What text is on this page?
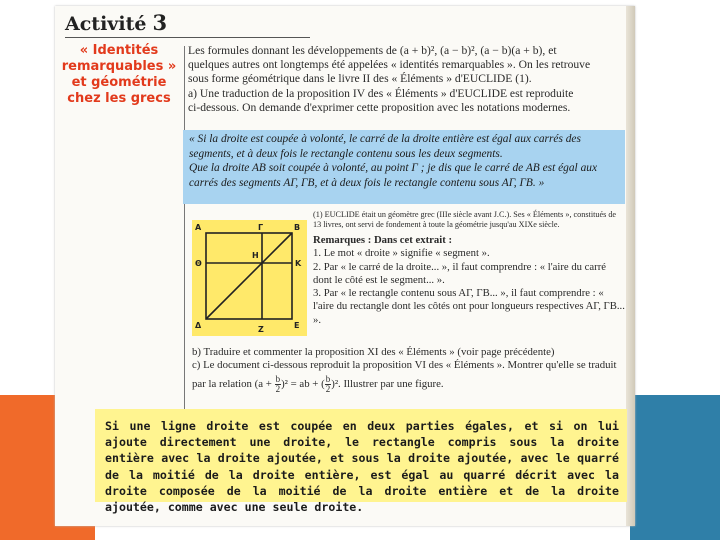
Activité 3
« Identités
remarquables »
et géométrie
chez les grecs

Les formules donnant les développements de (a + b)², (a − b)², (a − b)(a + b), et

quelques autres ont longtemps été appelées « identités remarquables ». On les retrouve

sous forme géométrique dans le livre II des « Éléments » d'EUCLIDE (1).

a) Une traduction de la proposition IV des « Éléments » d'EUCLIDE est reproduite

ci-dessous. On demande d'exprimer cette proposition avec les notations modernes.

« Si la droite est coupée à volonté, le carré de la droite entière est égal aux carrés des

segments, et à deux fois le rectangle contenu sous les deux segments.

Que la droite AB soit coupée à volonté, au point Γ ; je dis que le carré de AB est égal aux

carrés des segments AΓ, ΓB, et à deux fois le rectangle contenu sous AΓ, ΓB. »

A	Γ	B
H
Θ	K
Δ	Z	E

(1) EUCLIDE était un géomètre grec (IIIe siècle avant J.C.). Ses « Éléments », constitués de 13 livres, ont servi de fondement à toute la géométrie jusqu'au XIXe siècle.

Remarques : Dans cet extrait :

1. Le mot « droite » signifie « segment ».

2. Par « le carré de la droite... », il faut comprendre : « l'aire du carré dont le côté est le segment... ».

3. Par « le rectangle contenu sous AΓ, ΓB... », il faut comprendre : « l'aire du rectangle dont les côtés ont pour longueurs respectives AΓ, ΓB... ».

b) Traduire et commenter la proposition XI des « Éléments » (voir page précédente)

c) Le document ci-dessous reproduit la proposition VI des « Éléments ». Montrer qu'elle se traduit

par la relation $(a + \frac{b}{2} )^2$ = ab + ( $\frac{b}{2} )^2$. Illustrer par une figure.

Si une ligne droite est coupée en deux parties égales, et si on lui ajoute directement une droite, le rectangle compris sous la droite entière avec la droite ajoutée, et sous la droite ajoutée, avec le quarré de la moitié de la droite entière, est égal au quarré décrit avec la droite composée de la moitié de la droite entière et de la droite ajoutée, comme avec une seule droite.
